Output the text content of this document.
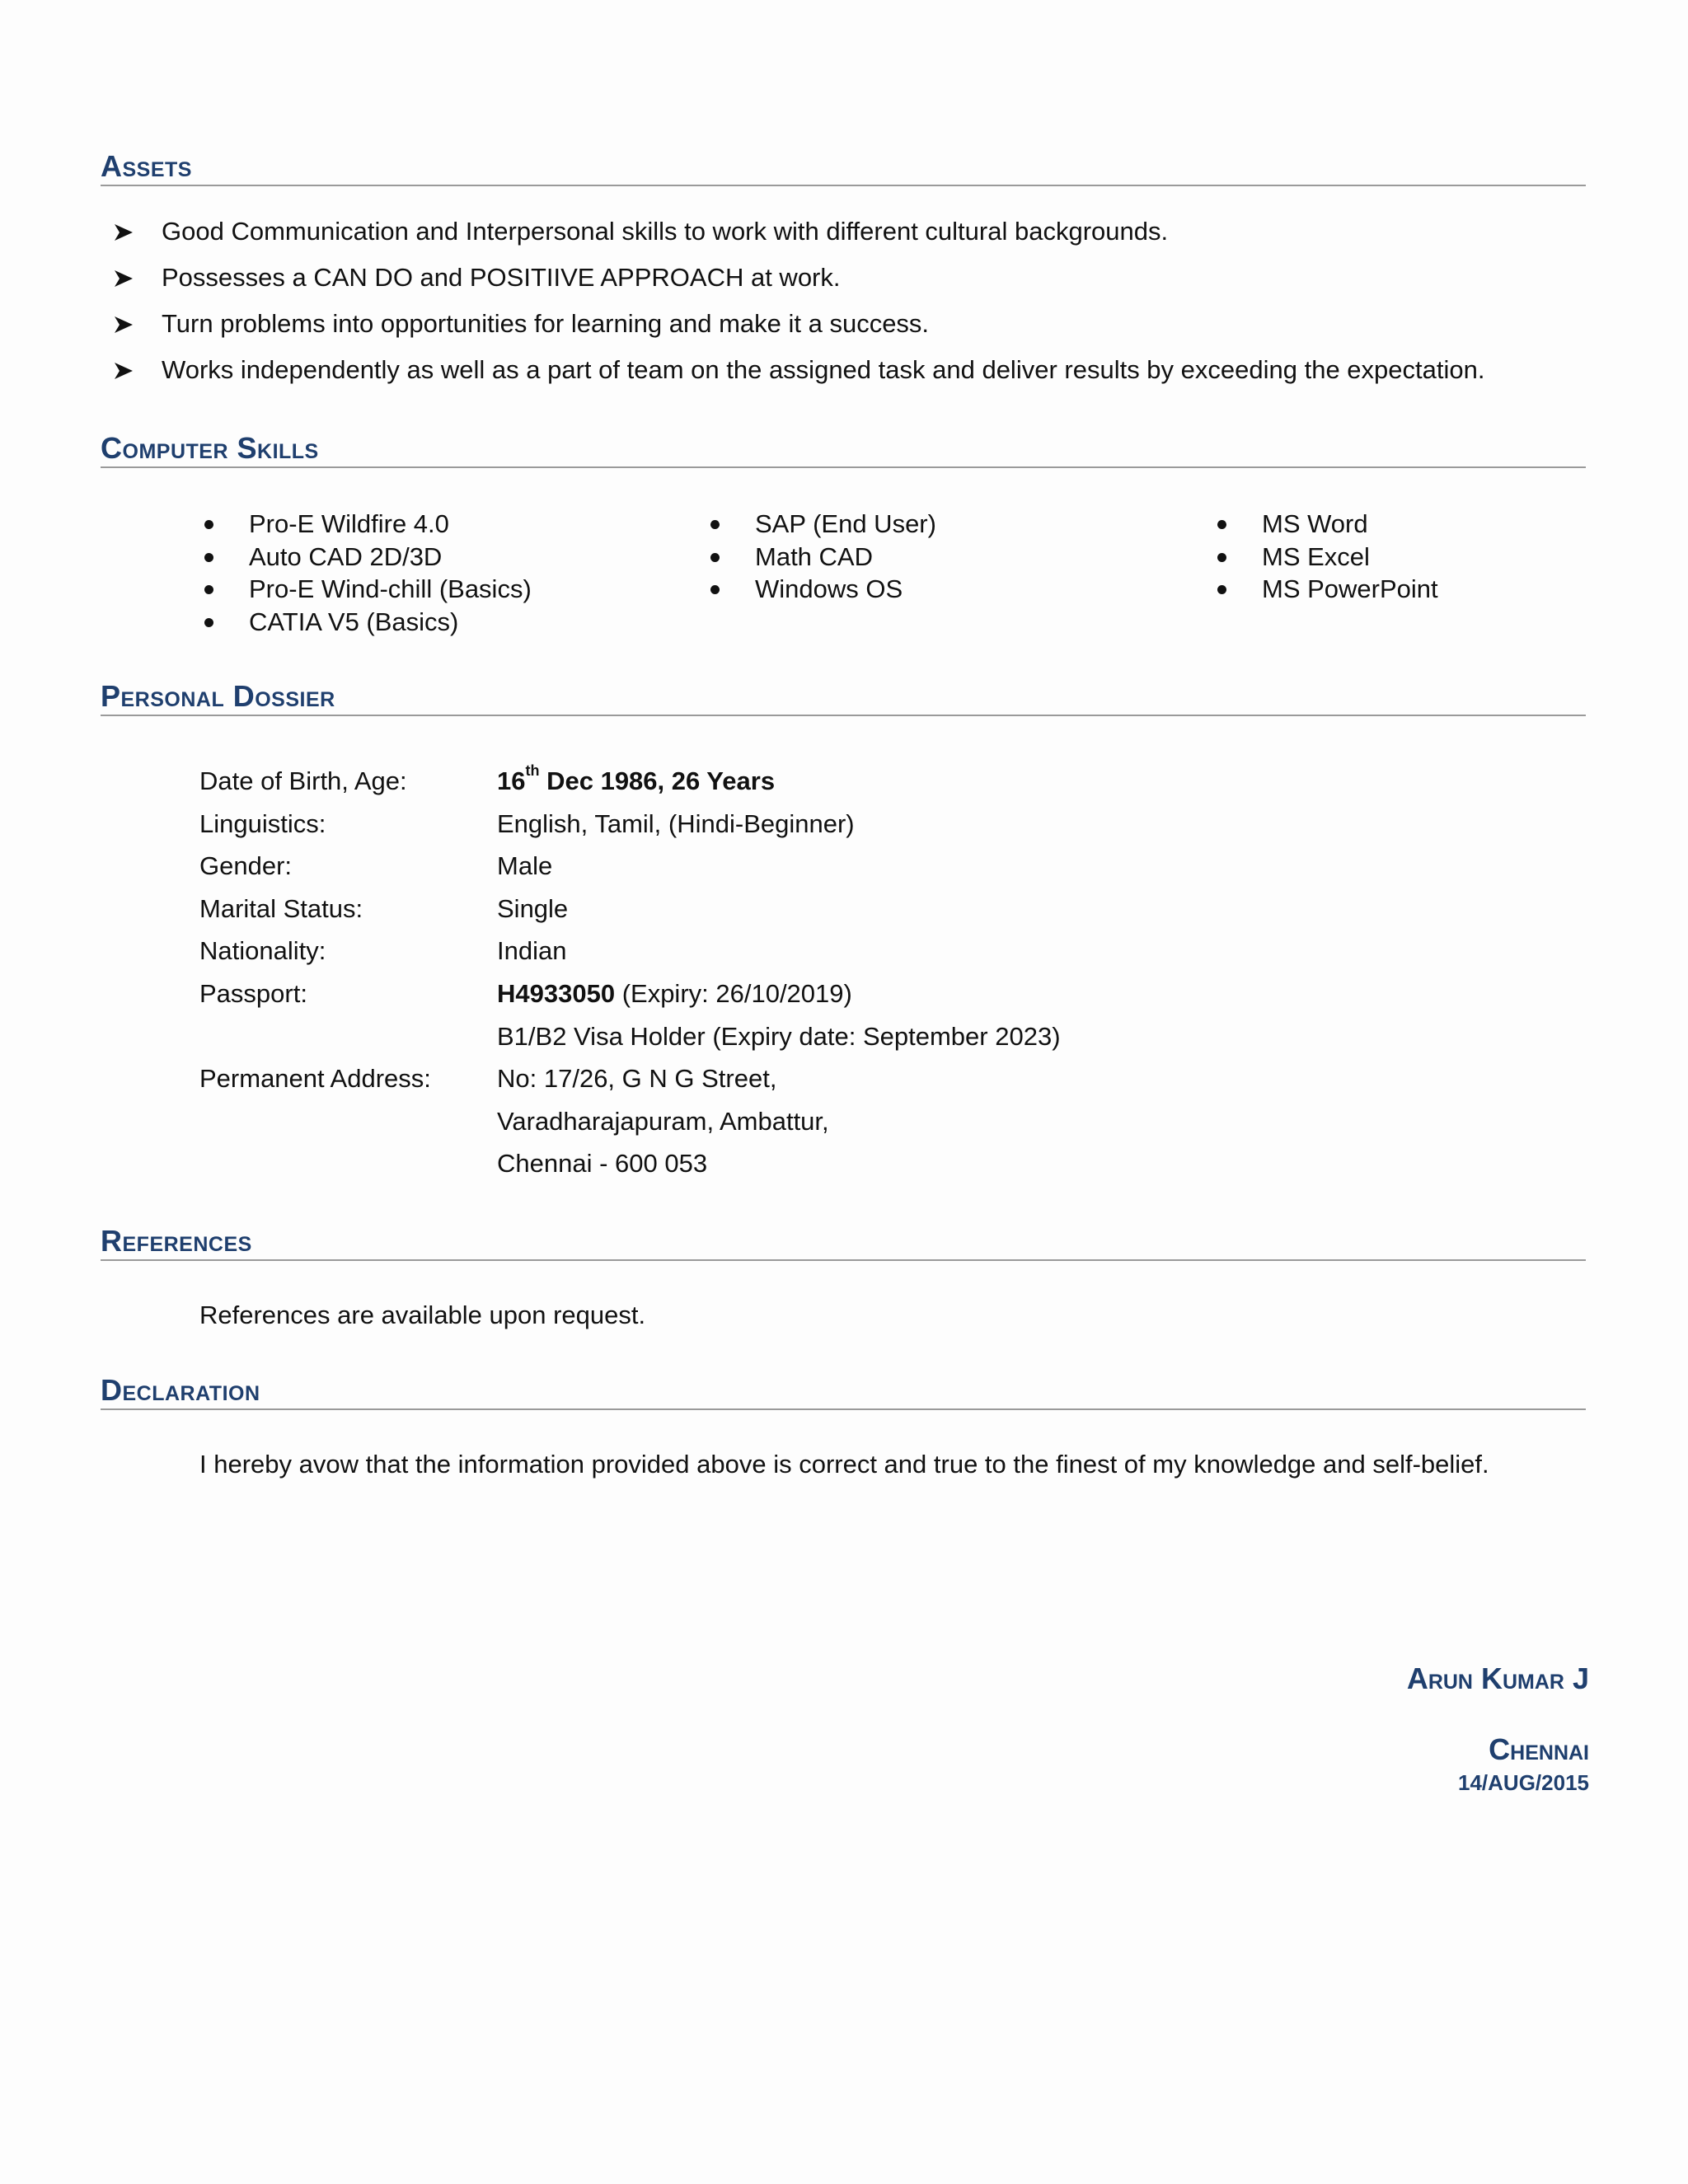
Assets
Good Communication and Interpersonal skills to work with different cultural backgrounds.
Possesses a CAN DO and POSITIIVE APPROACH at work.
Turn problems into opportunities for learning and make it a success.
Works independently as well as a part of team on the assigned task and deliver results by exceeding the expectation.
Computer Skills
Pro-E Wildfire 4.0
Auto CAD 2D/3D
Pro-E Wind-chill (Basics)
CATIA V5 (Basics)
SAP (End User)
Math CAD
Windows OS
MS Word
MS Excel
MS PowerPoint
Personal Dossier
Date of Birth, Age:	16th Dec 1986, 26 Years
Linguistics:	English, Tamil, (Hindi-Beginner)
Gender:	Male
Marital Status:	Single
Nationality:	Indian
Passport:	H4933050 (Expiry: 26/10/2019)
B1/B2 Visa Holder (Expiry date: September 2023)
Permanent Address:	No: 17/26, G N G Street,
Varadharajapuram, Ambattur,
Chennai - 600 053
References
References are available upon request.
Declaration
I hereby avow that the information provided above is correct and true to the finest of my knowledge and self-belief.
Arun Kumar J
Chennai
14/AUG/2015
